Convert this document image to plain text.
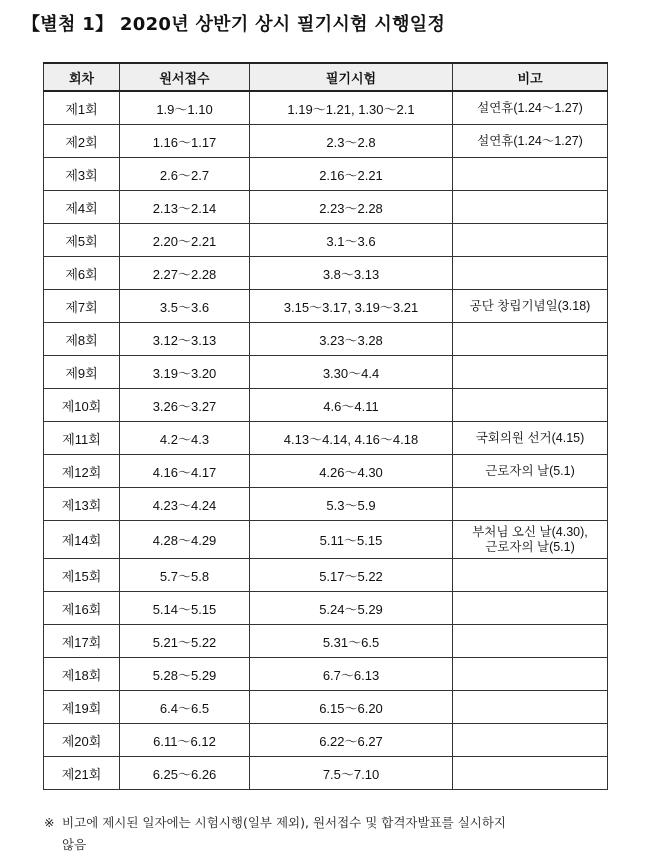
【별첨 1】 2020년 상반기 상시 필기시험 시행일정
회차	원서접수	필기시험	비고
제1회	1.9～1.10	1.19～1.21, 1.30～2.1	설연휴(1.24～1.27)

제2회	1.16～1.17	2.3～2.8	설연휴(1.24～1.27)

제3회	2.6～2.7	2.16～2.21	
제4회	2.13～2.14	2.23～2.28	
제5회	2.20～2.21	3.1～3.6	
제6회	2.27～2.28	3.8～3.13	
제7회	3.5～3.6	3.15～3.17, 3.19～3.21	공단 창립기념일(3.18)

제8회	3.12～3.13	3.23～3.28	
제9회	3.19～3.20	3.30～4.4	
제10회	3.26～3.27	4.6～4.11	
제11회	4.2～4.3	4.13～4.14, 4.16～4.18	국회의원 선거(4.15)

제12회	4.16～4.17	4.26～4.30	근로자의 날(5.1)

제13회	4.23～4.24	5.3～5.9	
제14회	4.28～4.29	5.11～5.15	부처님 오신 날(4.30),
근로자의 날(5.1)

제15회	5.7～5.8	5.17～5.22	
제16회	5.14～5.15	5.24～5.29	
제17회	5.21～5.22	5.31～6.5	
제18회	5.28～5.29	6.7～6.13	
제19회	6.4～6.5	6.15～6.20	
제20회	6.11～6.12	6.22～6.27	
제21회	6.25～6.26	7.5～7.10	
※ 비고에 제시된 일자에는 시험시행(일부 제외), 원서접수 및 합격자발표를 실시하지
않음
